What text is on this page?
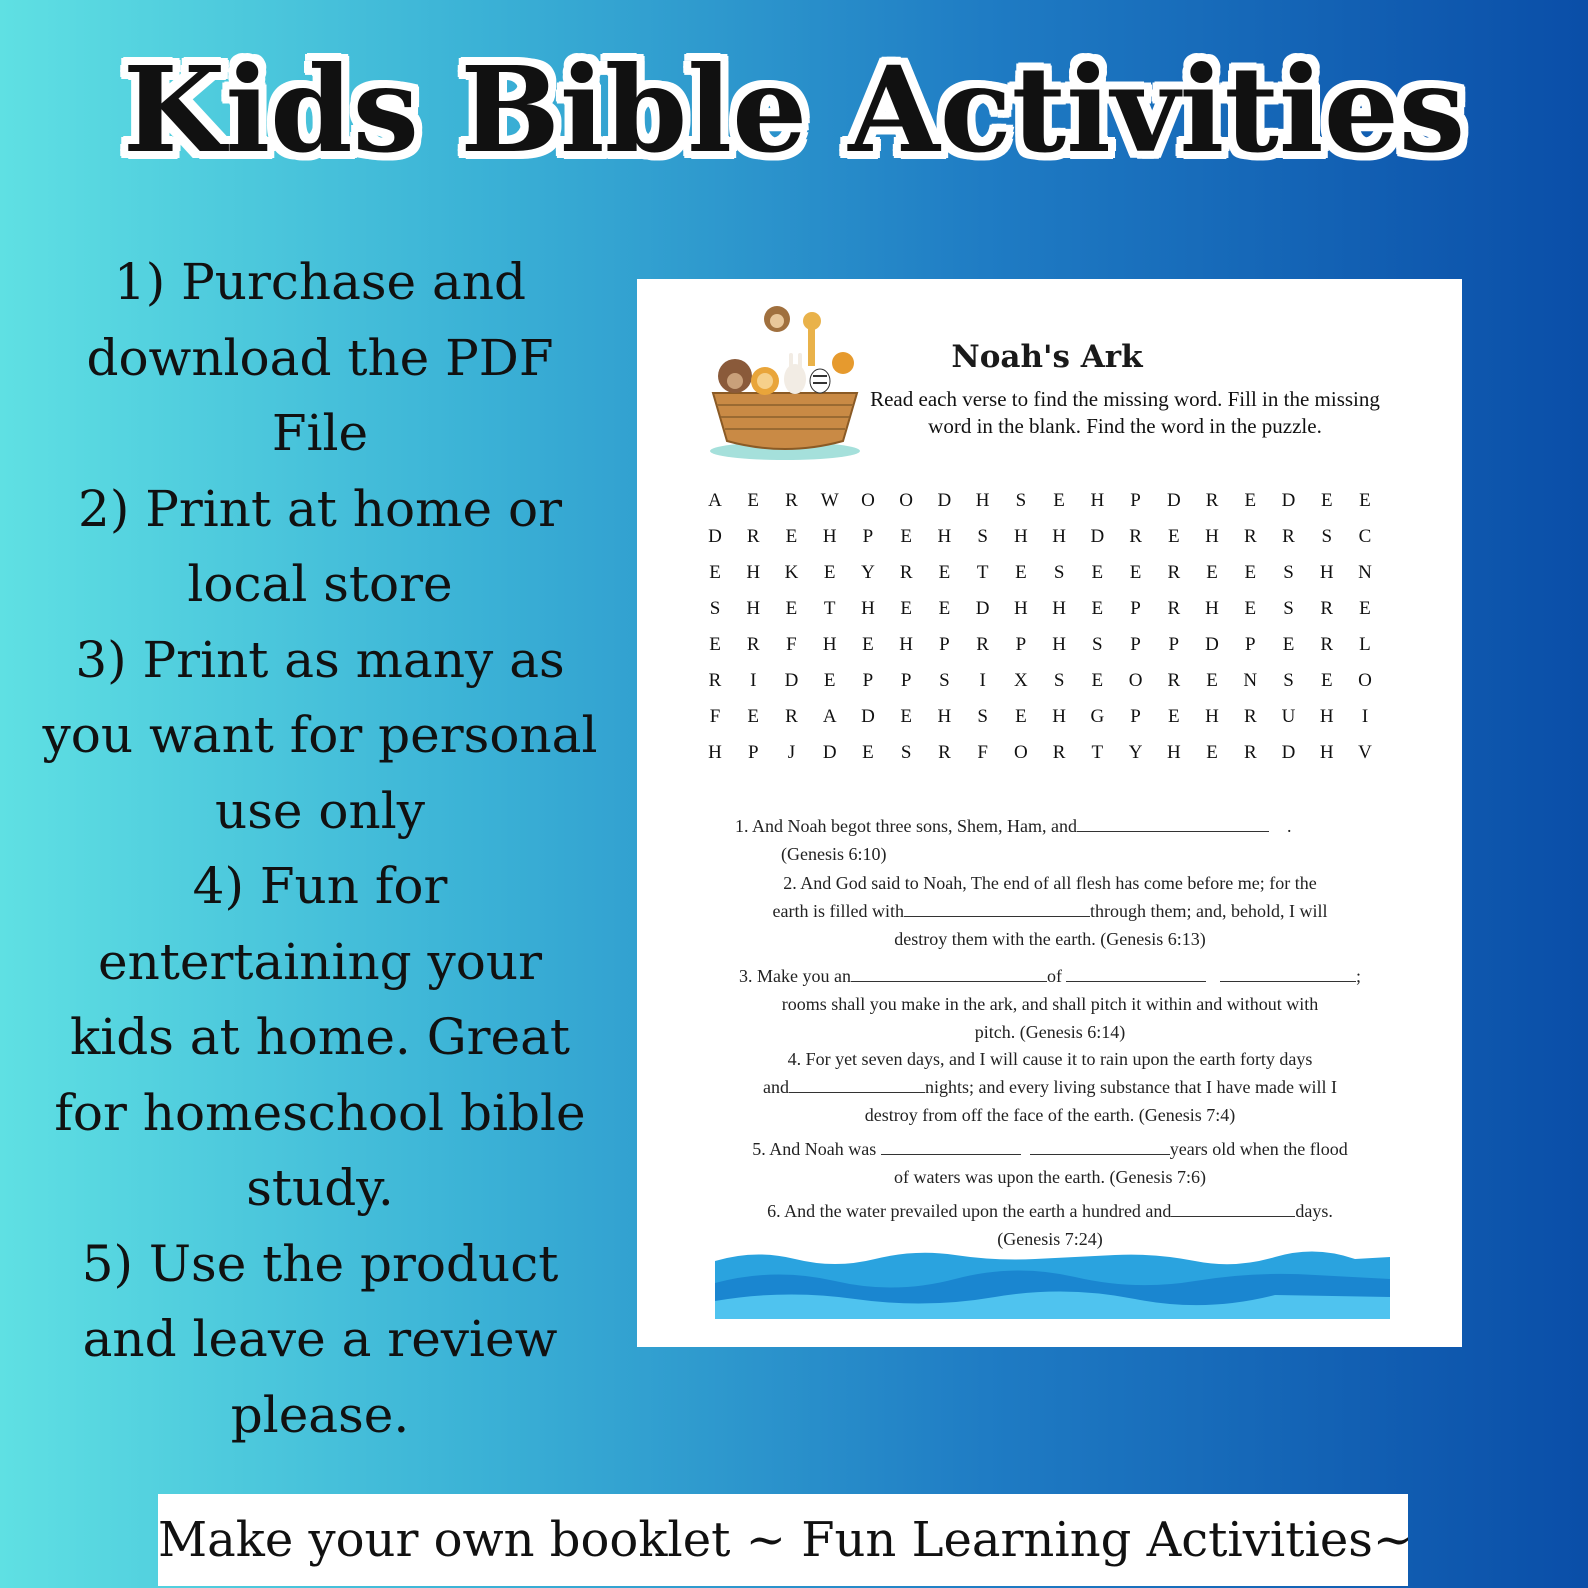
Kids Bible Activities

1) Purchase and download the PDF File

2) Print at home or local store

3) Print as many as you want for personal use only

4) Fun for entertaining your kids at home. Great for homeschool bible study.

5) Use the product and leave a review please.

Noah's Ark
Read each verse to find the missing word. Fill in the missing word in the blank. Find the word in the puzzle.
A E R W O O D H S E H P D R E D E E
D R E H P E H S H H D R E H R R S C
E H K E Y R E T E S E E R E E S H N
S H E T H E E D H H E P R H E S R E
E R F H E H P R P H S P P D P E R L
R	I	D E P P S	I	X S E O R E N S E O
F E R A D E H S E H G P E H R U H	I
H P	J	D E S R F O R T Y H E R D H V
1. And Noah begot three sons, Shem, Ham, and	.
(Genesis 6:10)
2. And God said to Noah, The end of all flesh has come before me; for the
earth is filled with	through them; and, behold, I will
destroy them with the earth. (Genesis 6:13)
3. Make you an	of	;
rooms shall you make in the ark, and shall pitch it within and without with
pitch. (Genesis 6:14)
4. For yet seven days, and I will cause it to rain upon the earth forty days
and	nights; and every living substance that I have made will I
destroy from off the face of the earth. (Genesis 7:4)
5. And Noah was	years old when the flood
of waters was upon the earth. (Genesis 7:6)
6. And the water prevailed upon the earth a hundred and	days.
(Genesis 7:24)
Make your own booklet ~ Fun Learning Activities~
